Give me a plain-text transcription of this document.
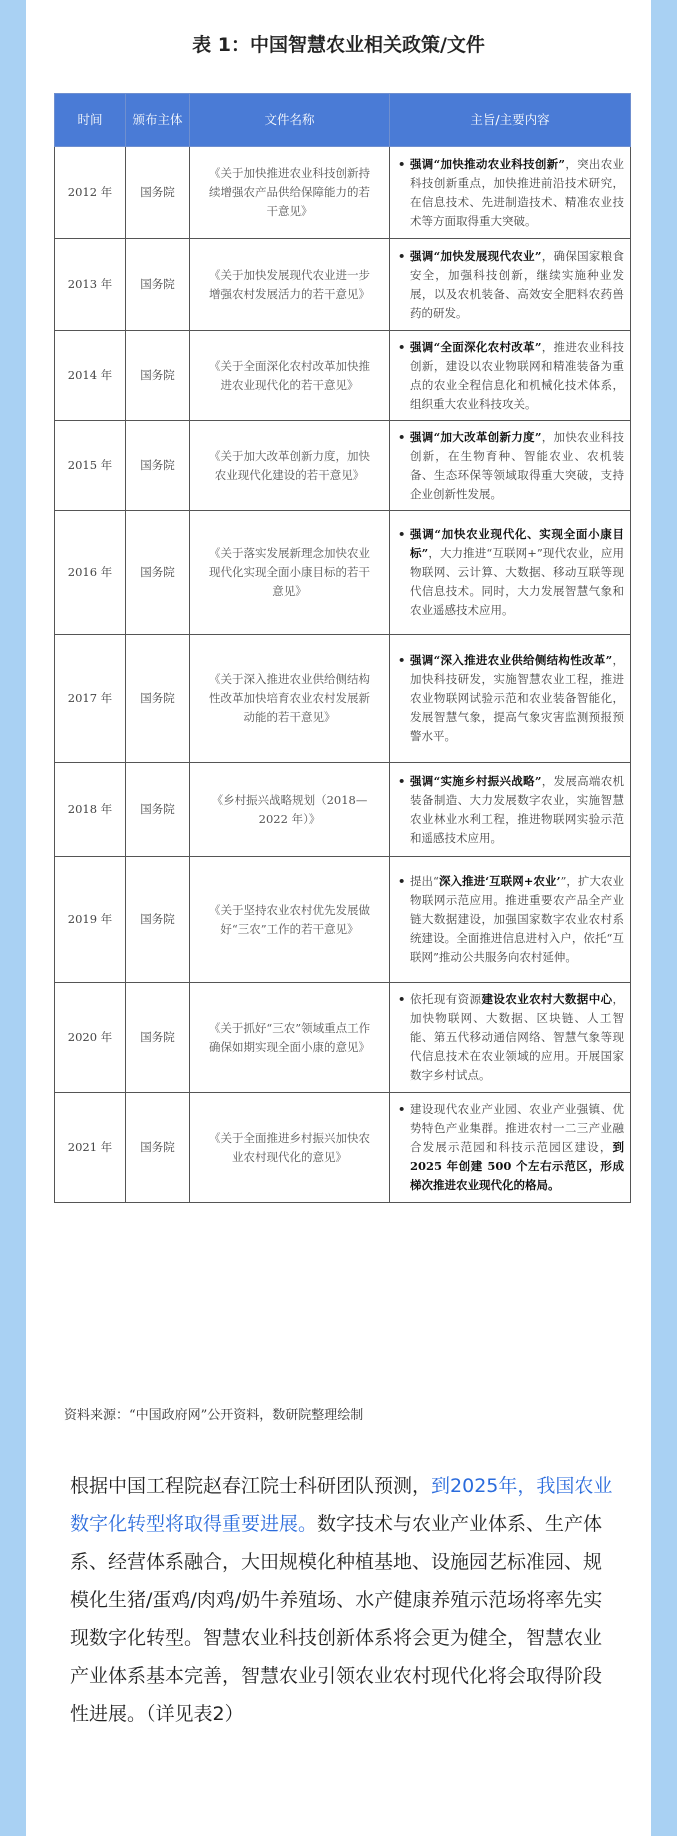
表 1：中国智慧农业相关政策/文件
时间	颁布主体	文件名称	主旨/主要内容
2012 年	国务院	《关于加快推进农业科技创新持续增强农产品供给保障能力的若干意见》	• 强调“加快推动农业科技创新”，突出农业科技创新重点，加快推进前沿技术研究，在信息技术、先进制造技术、精准农业技术等方面取得重大突破。

2013 年	国务院	《关于加快发展现代农业进一步增强农村发展活力的若干意见》	• 强调“加快发展现代农业”，确保国家粮食安全，加强科技创新，继续实施种业发展，以及农机装备、高效安全肥料农药兽药的研发。

2014 年	国务院	《关于全面深化农村改革加快推进农业现代化的若干意见》	• 强调“全面深化农村改革”，推进农业科技创新，建设以农业物联网和精准装备为重点的农业全程信息化和机械化技术体系，组织重大农业科技攻关。

2015 年	国务院	《关于加大改革创新力度，加快农业现代化建设的若干意见》	• 强调“加大改革创新力度”，加快农业科技创新，在生物育种、智能农业、农机装备、生态环保等领域取得重大突破，支持企业创新性发展。

2016 年	国务院	《关于落实发展新理念加快农业现代化实现全面小康目标的若干意见》	• 强调“加快农业现代化、实现全面小康目标”，大力推进“互联网+”现代农业，应用物联网、云计算、大数据、移动互联等现代信息技术。同时，大力发展智慧气象和农业遥感技术应用。

2017 年	国务院	《关于深入推进农业供给侧结构性改革加快培育农业农村发展新动能的若干意见》	• 强调“深入推进农业供给侧结构性改革”，加快科技研发，实施智慧农业工程，推进农业物联网试验示范和农业装备智能化，发展智慧气象，提高气象灾害监测预报预警水平。

2018 年	国务院	《乡村振兴战略规划（2018—2022 年）》	• 强调“实施乡村振兴战略”，发展高端农机装备制造、大力发展数字农业，实施智慧农业林业水利工程，推进物联网实验示范和遥感技术应用。

2019 年	国务院	《关于坚持农业农村优先发展做好“三农”工作的若干意见》	• 提出“深入推进‘互联网+农业’”，扩大农业物联网示范应用。推进重要农产品全产业链大数据建设，加强国家数字农业农村系统建设。全面推进信息进村入户，依托“互联网”推动公共服务向农村延伸。

2020 年	国务院	《关于抓好“三农”领域重点工作确保如期实现全面小康的意见》	• 依托现有资源建设农业农村大数据中心，加快物联网、大数据、区块链、人工智能、第五代移动通信网络、智慧气象等现代信息技术在农业领域的应用。开展国家数字乡村试点。

2021 年	国务院	《关于全面推进乡村振兴加快农业农村现代化的意见》	• 建设现代农业产业园、农业产业强镇、优势特色产业集群。推进农村一二三产业融合发展示范园和科技示范园区建设，到 2025 年创建 500 个左右示范区，形成梯次推进农业现代化的格局。
资料来源：“中国政府网”公开资料，数研院整理绘制
根据中国工程院赵春江院士科研团队预测，到2025年，我国农业数字化转型将取得重要进展。数字技术与农业产业体系、生产体系、经营体系融合，大田规模化种植基地、设施园艺标准园、规模化生猪/蛋鸡/肉鸡/奶牛养殖场、水产健康养殖示范场将率先实现数字化转型。智慧农业科技创新体系将会更为健全，智慧农业产业体系基本完善，智慧农业引领农业农村现代化将会取得阶段性进展。（详见表2）
